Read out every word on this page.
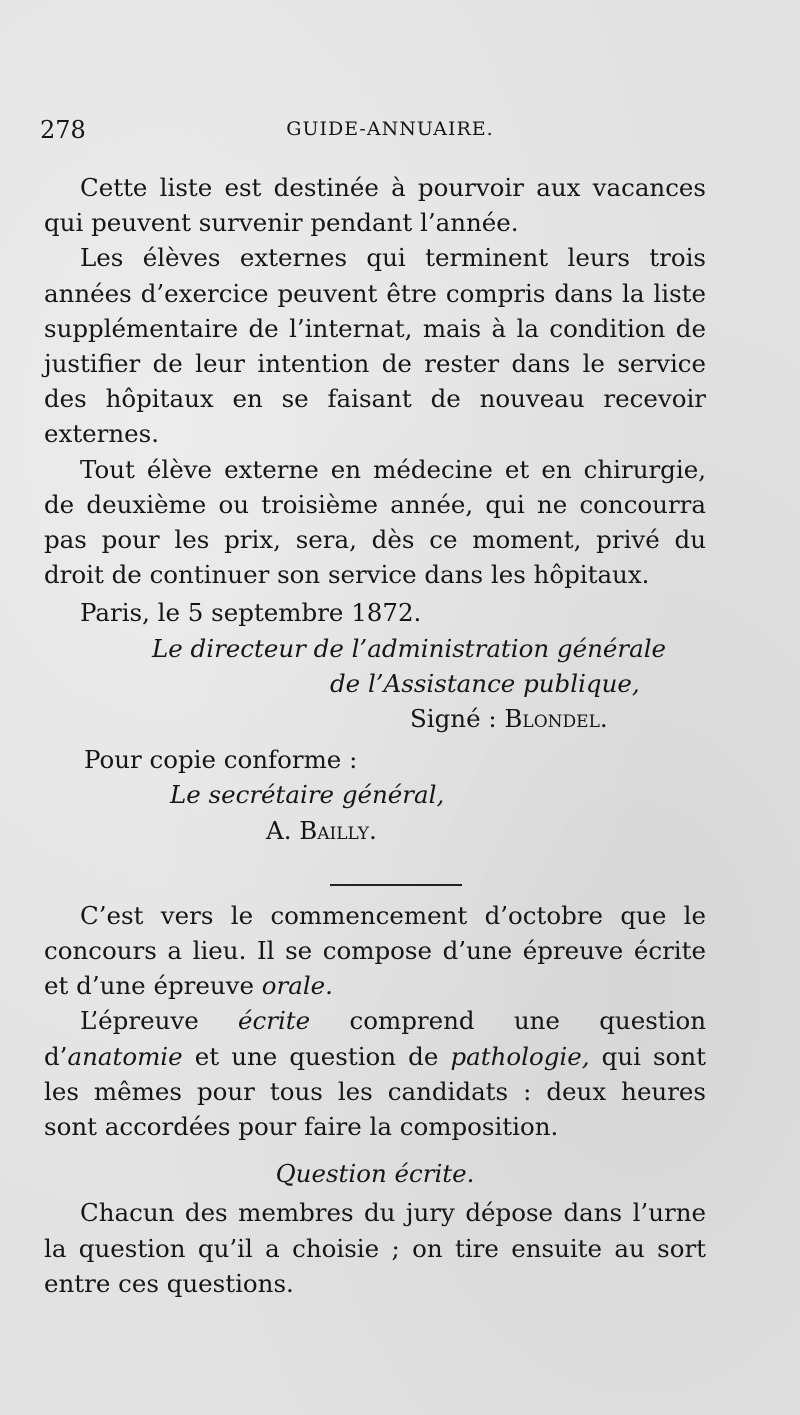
278	GUIDE-ANNUAIRE.

Cette liste est destinée à pourvoir aux vacances qui peuvent survenir pendant l’année.

Les élèves externes qui terminent leurs trois années d’exercice peuvent être compris dans la liste supplémentaire de l’internat, mais à la condition de justifier de leur intention de rester dans le service des hôpitaux en se faisant de nouveau recevoir externes.

Tout élève externe en médecine et en chirurgie, de deuxième ou troisième année, qui ne concourra pas pour les prix, sera, dès ce moment, privé du droit de continuer son service dans les hôpitaux.

Paris, le 5 septembre 1872.

Le directeur de l’administration générale

de l’Assistance publique,

Signé : Blondel.

Pour copie conforme :

Le secrétaire général,

A. Bailly.

C’est vers le commencement d’octobre que le concours a lieu. Il se compose d’une épreuve écrite et d’une épreuve orale.

L’épreuve écrite comprend une question d’anatomie et une question de pathologie, qui sont les mêmes pour tous les candidats : deux heures sont accordées pour faire la composition.

Question écrite.

Chacun des membres du jury dépose dans l’urne la question qu’il a choisie ; on tire ensuite au sort entre ces questions.
